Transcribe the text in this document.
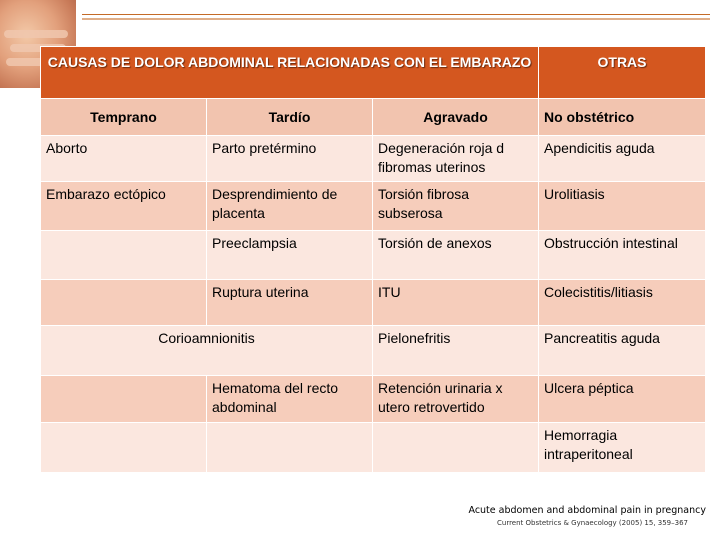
CAUSAS DE DOLOR ABDOMINAL RELACIONADAS CON EL EMBARAZO			OTRAS
Temprano	Tardío	Agravado	No obstétrico
Aborto	Parto pretérmino	Degeneración roja d fibromas uterinos	Apendicitis aguda
Embarazo ectópico	Desprendimiento de placenta	Torsión fibrosa subserosa	Urolitiasis
	Preeclampsia	Torsión de anexos	Obstrucción intestinal
	Ruptura uterina	ITU	Colecistitis/litiasis
Corioamnionitis		Pielonefritis	Pancreatitis aguda
	Hematoma del recto abdominal	Retención urinaria x utero retrovertido	Ulcera péptica
			Hemorragia intraperitoneal
Acute abdomen and abdominal pain in pregnancy
Current Obstetrics & Gynaecology (2005) 15, 359–367
